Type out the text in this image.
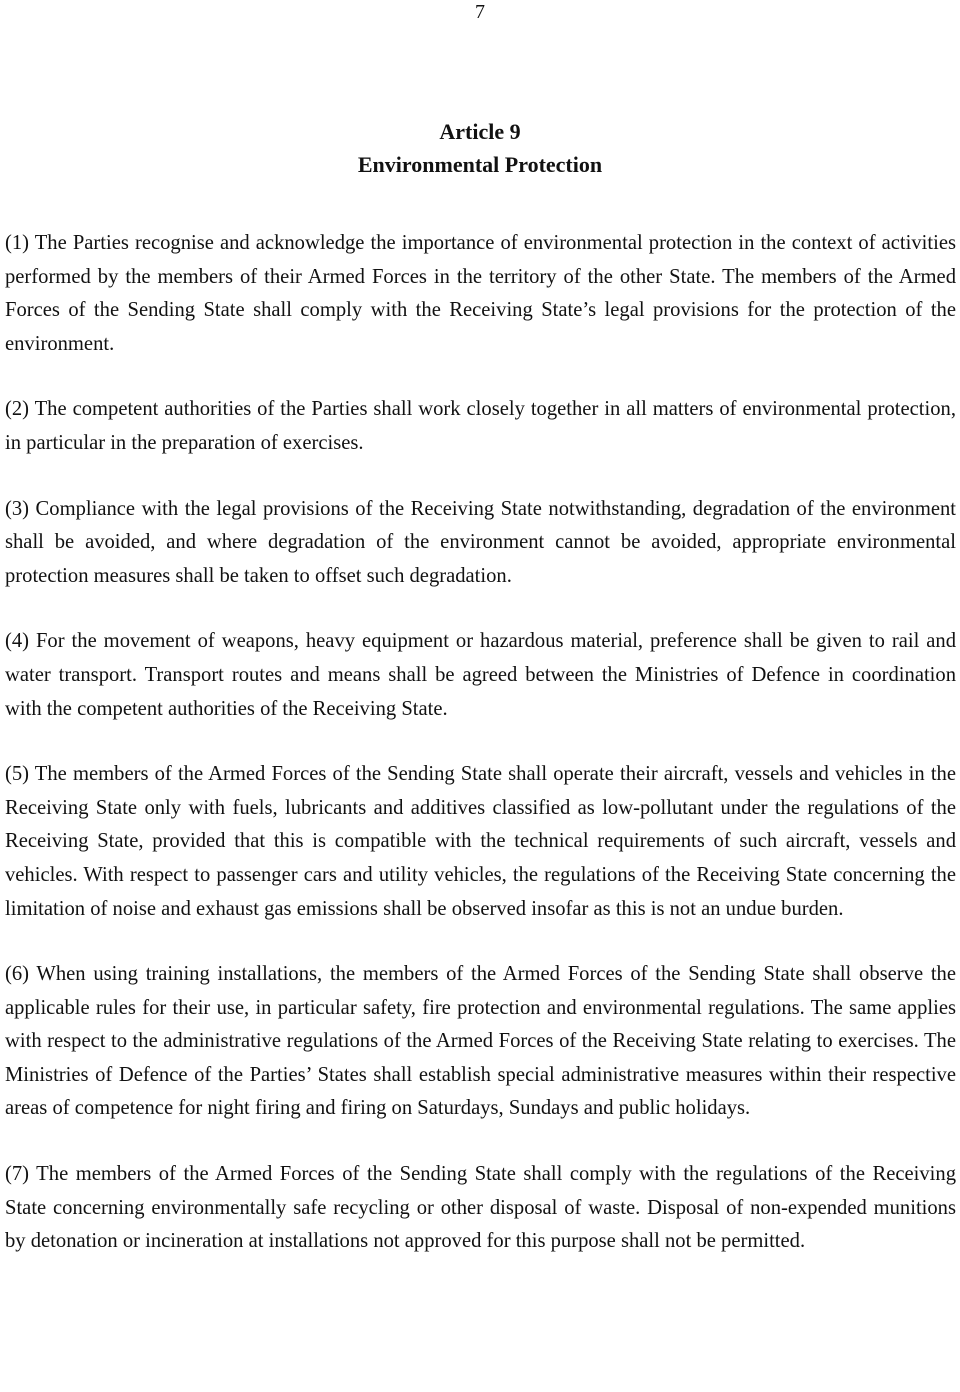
7
Article 9
Environmental Protection

(1) The Parties recognise and acknowledge the importance of environmental protection in the context of activities performed by the members of their Armed Forces in the territory of the other State. The members of the Armed Forces of the Sending State shall comply with the Receiving State’s legal provisions for the protection of the environment.

(2) The competent authorities of the Parties shall work closely together in all matters of environmental protection, in particular in the preparation of exercises.

(3) Compliance with the legal provisions of the Receiving State notwithstanding, degradation of the environment shall be avoided, and where degradation of the environment cannot be avoided, appropriate environmental protection measures shall be taken to offset such degradation.

(4) For the movement of weapons, heavy equipment or hazardous material, preference shall be given to rail and water transport. Transport routes and means shall be agreed between the Ministries of Defence in coordination with the competent authorities of the Receiving State.

(5) The members of the Armed Forces of the Sending State shall operate their aircraft, vessels and vehicles in the Receiving State only with fuels, lubricants and additives classified as low-pollutant under the regulations of the Receiving State, provided that this is compatible with the technical requirements of such aircraft, vessels and vehicles. With respect to passenger cars and utility vehicles, the regulations of the Receiving State concerning the limitation of noise and exhaust gas emissions shall be observed insofar as this is not an undue burden.

(6) When using training installations, the members of the Armed Forces of the Sending State shall observe the applicable rules for their use, in particular safety, fire protection and environmental regulations. The same applies with respect to the administrative regulations of the Armed Forces of the Receiving State relating to exercises. The Ministries of Defence of the Parties’ States shall establish special administrative measures within their respective areas of competence for night firing and firing on Saturdays, Sundays and public holidays.

(7) The members of the Armed Forces of the Sending State shall comply with the regulations of the Receiving State concerning environmentally safe recycling or other disposal of waste. Disposal of non-expended munitions by detonation or incineration at installations not approved for this purpose shall not be permitted.
